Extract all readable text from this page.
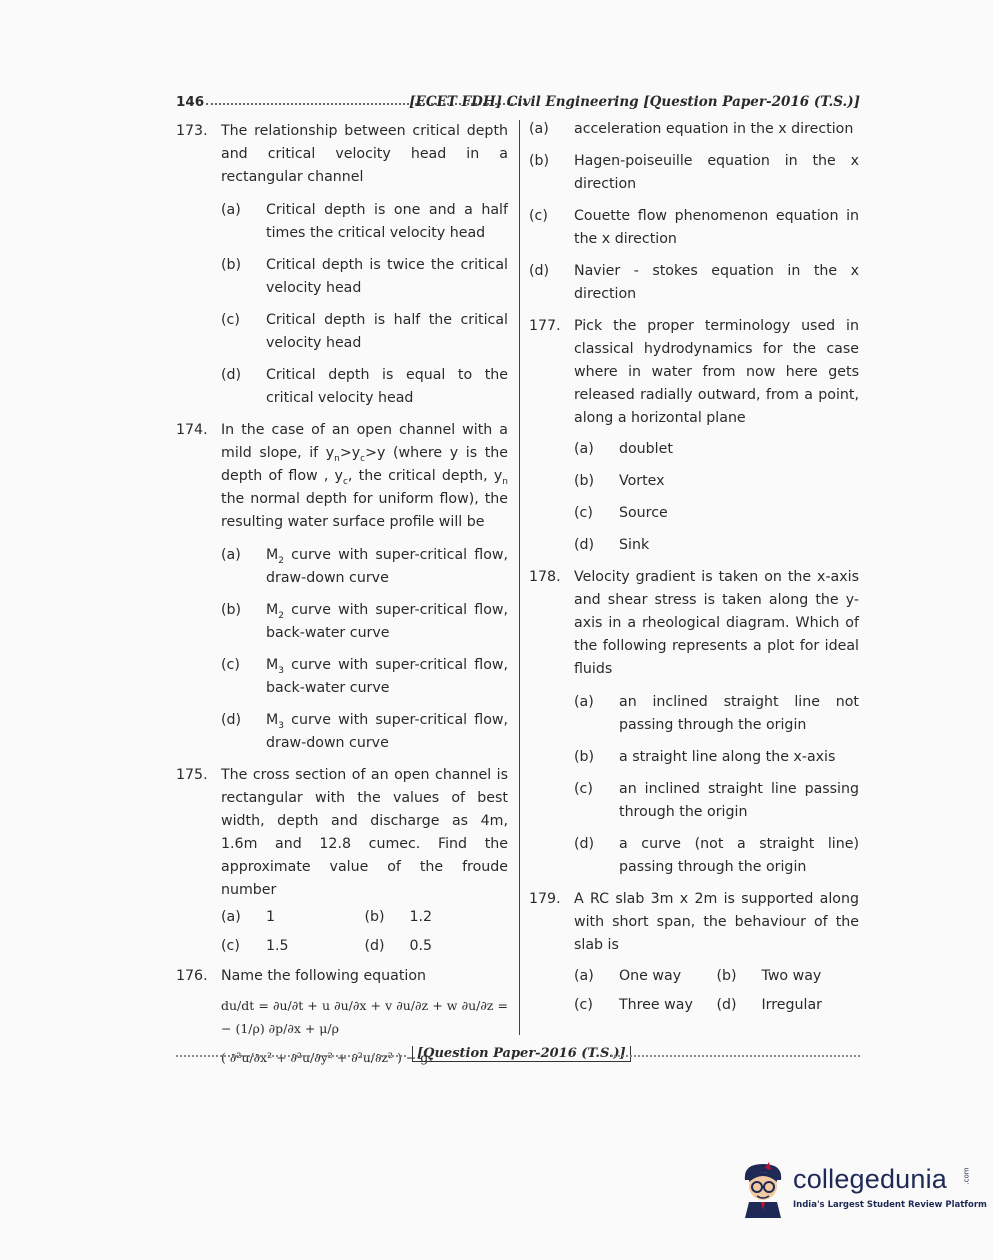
146	[ECET FDH] Civil Engineering [Question Paper-2016 (T.S.)]
173. The relationship between critical depth and critical velocity head in a rectangular channel
(a) Critical depth is one and a half times the critical velocity head
(b) Critical depth is twice the critical velocity head
(c) Critical depth is half the critical velocity head
(d) Critical depth is equal to the critical velocity head
174. In the case of an open channel with a mild slope, if $y_n>y_c>y$ (where y is the depth of flow , $y_c$, the critical depth, $y_n$ the normal depth for uniform flow), the resulting water surface profile will be
(a) $M_2$ curve with super-critical flow, draw-down curve
(b) $M_2$ curve with super-critical flow, back-water curve
(c) $M_3$ curve with super-critical flow, back-water curve
(d) $M_3$ curve with super-critical flow, draw-down curve
175. The cross section of an open channel is rectangular with the values of best width, depth and discharge as 4m, 1.6m and 12.8 cumec. Find the approximate value of the froude number
(a)	1	(b)	1.2
(c)	1.5	(d)	0.5
176. Name the following equation
du/dt = ∂u/∂t + u ∂u/∂x + v ∂u/∂z + w ∂u/∂z = − (1/ρ) ∂p/∂x + μ/ρ
( ∂²u/∂x² + ∂²u/∂y² + ∂²u/∂z² ) − gₓ
(a) acceleration equation in the x direction
(b) Hagen-poiseuille equation in the x direction
(c) Couette flow phenomenon equation in the x direction
(d) Navier - stokes equation in the x direction
177. Pick the proper terminology used in classical hydrodynamics for the case where in water from now here gets released radially outward, from a point, along a horizontal plane
(a) doublet
(b) Vortex
(c) Source
(d) Sink
178. Velocity gradient is taken on the x-axis and shear stress is taken along the y-axis in a rheological diagram. Which of the following represents a plot for ideal fluids
(a) an inclined straight line not passing through the origin
(b) a straight line along the x-axis
(c) an inclined straight line passing through the origin
(d) a curve (not a straight line) passing through the origin
179. A RC slab 3m x 2m is supported along with short span, the behaviour of the slab is
(a)	One way (b)	Two way
(c)	Three way (d)	Irregular
[Question Paper-2016 (T.S.)]
collegedunia .com
India's Largest Student Review Platform
